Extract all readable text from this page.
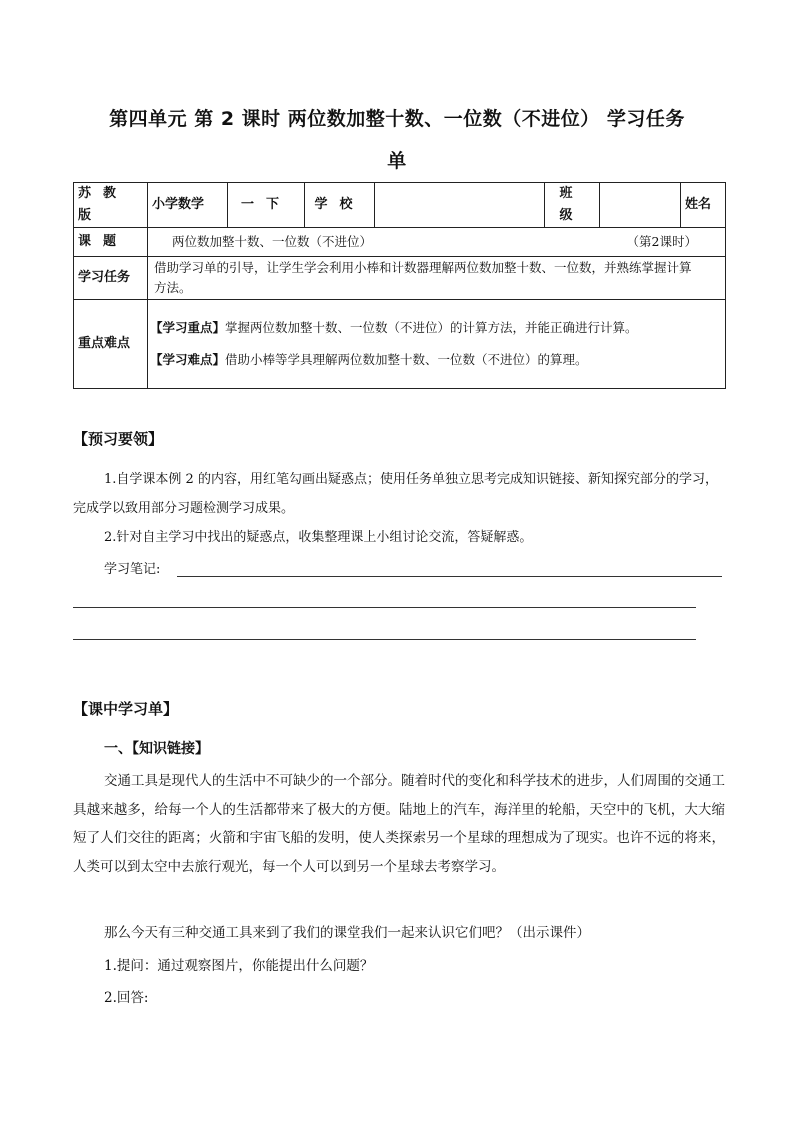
第四单元 第 2 课时 两位数加整十数、一位数（不进位） 学习任务
单
苏教版	小学数学	一下	学校		班级		姓名
课题	两位数加整十数、一位数（不进位） （第2课时）						

学习任务	借助学习单的引导，让学生学会利用小棒和计数器理解两位数加整十数、一位数，并熟练掌握计算方法。						
重点难点	【学习重点】掌握两位数加整十数、一位数（不进位）的计算方法，并能正确进行计算。
【学习难点】借助小棒等学具理解两位数加整十数、一位数（不进位）的算理。						
【预习要领】
1.自学课本例 2 的内容，用红笔勾画出疑惑点；使用任务单独立思考完成知识链接、新知探究部分的学习，完成学以致用部分习题检测学习成果。
2.针对自主学习中找出的疑惑点，收集整理课上小组讨论交流，答疑解惑。
学习笔记:
【课中学习单】
一、【知识链接】
交通工具是现代人的生活中不可缺少的一个部分。随着时代的变化和科学技术的进步，人们周围的交通工具越来越多，给每一个人的生活都带来了极大的方便。陆地上的汽车，海洋里的轮船，天空中的飞机，大大缩短了人们交往的距离；火箭和宇宙飞船的发明，使人类探索另一个星球的理想成为了现实。也许不远的将来，人类可以到太空中去旅行观光，每一个人可以到另一个星球去考察学习。
那么今天有三种交通工具来到了我们的课堂我们一起来认识它们吧？（出示课件）
1.提问：通过观察图片，你能提出什么问题？
2.回答:
